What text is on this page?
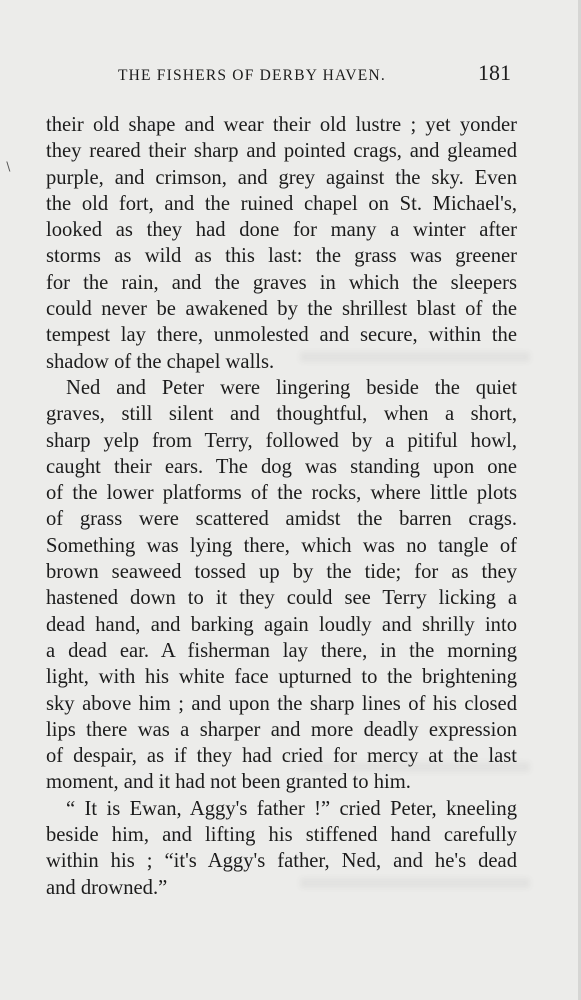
∖
THE FISHERS OF DERBY HAVEN.	181
their old shape and wear their old lustre ; yet yonder
they reared their sharp and pointed crags, and gleamed
purple, and crimson, and grey against the sky. Even
the old fort, and the ruined chapel on St. Michael's,
looked as they had done for many a winter after
storms as wild as this last: the grass was greener
for the rain, and the graves in which the sleepers
could never be awakened by the shrillest blast of the
tempest lay there, unmolested and secure, within the
shadow of the chapel walls.
Ned and Peter were lingering beside the quiet
graves, still silent and thoughtful, when a short,
sharp yelp from Terry, followed by a pitiful howl,
caught their ears. The dog was standing upon one
of the lower platforms of the rocks, where little plots
of grass were scattered amidst the barren crags.
Something was lying there, which was no tangle of
brown seaweed tossed up by the tide; for as they
hastened down to it they could see Terry licking a
dead hand, and barking again loudly and shrilly into
a dead ear. A fisherman lay there, in the morning
light, with his white face upturned to the brightening
sky above him ; and upon the sharp lines of his closed
lips there was a sharper and more deadly expression
of despair, as if they had cried for mercy at the last
moment, and it had not been granted to him.
“ It is Ewan, Aggy's father !” cried Peter, kneeling
beside him, and lifting his stiffened hand carefully
within his ; “it's Aggy's father, Ned, and he's dead
and drowned.”
